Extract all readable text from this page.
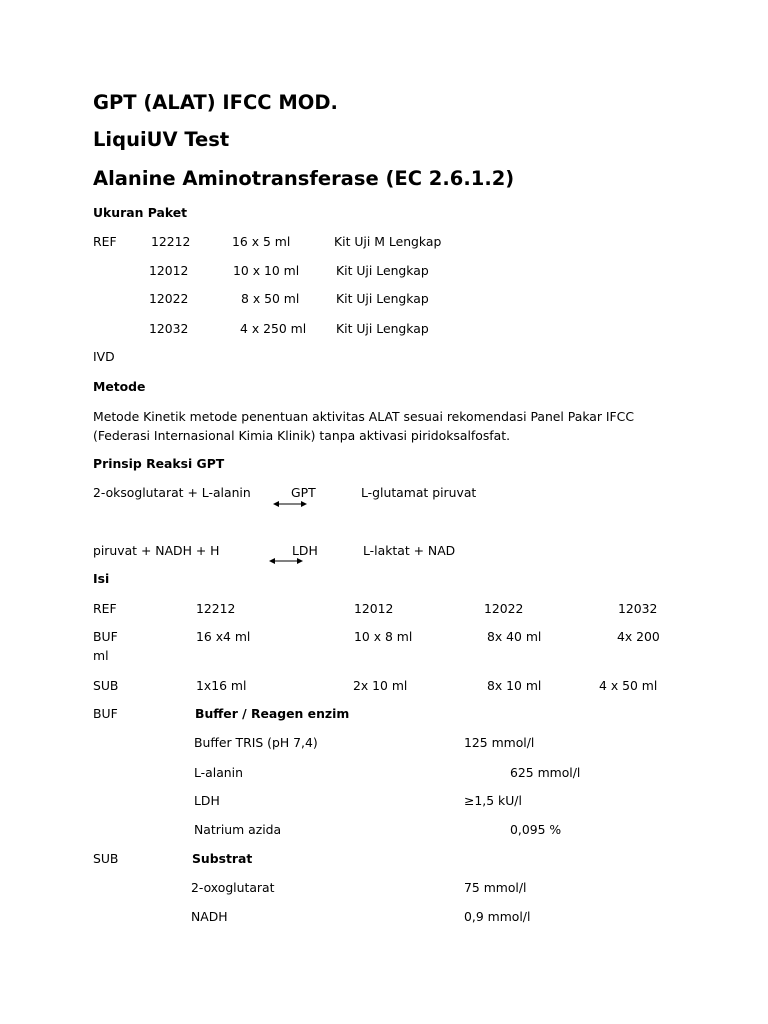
GPT (ALAT) IFCC MOD.
LiquiUV Test
Alanine Aminotransferase (EC 2.6.1.2)
Ukuran Paket
REF	12212	16 x 5 ml	Kit Uji M Lengkap
12012	10 x 10 ml	Kit Uji Lengkap
12022	8 x 50 ml	Kit Uji Lengkap
12032	4 x 250 ml Kit Uji Lengkap
IVD
Metode
Metode Kinetik metode penentuan aktivitas ALAT sesuai rekomendasi Panel Pakar IFCC (Federasi Internasional Kimia Klinik) tanpa aktivasi piridoksalfosfat.
Prinsip Reaksi GPT
2-oksoglutarat + L-alanin	GPT	L-glutamat piruvat
piruvat + NADH + H	LDH	L-laktat + NAD
Isi
REF	12212	12012	12022	12032
BUF	16 x4 ml	10 x 8 ml	8x 40 ml	4x 200
ml
SUB	1x16 ml	2x 10 ml	8x 10 ml	4 x 50 ml
BUF	Buffer / Reagen enzim
Buffer TRIS (pH 7,4)	125 mmol/l
L-alanin	625 mmol/l
LDH	≥1,5 kU/l
Natrium azida	0,095 %
SUB	Substrat
2-oxoglutarat	75 mmol/l
NADH	0,9 mmol/l
